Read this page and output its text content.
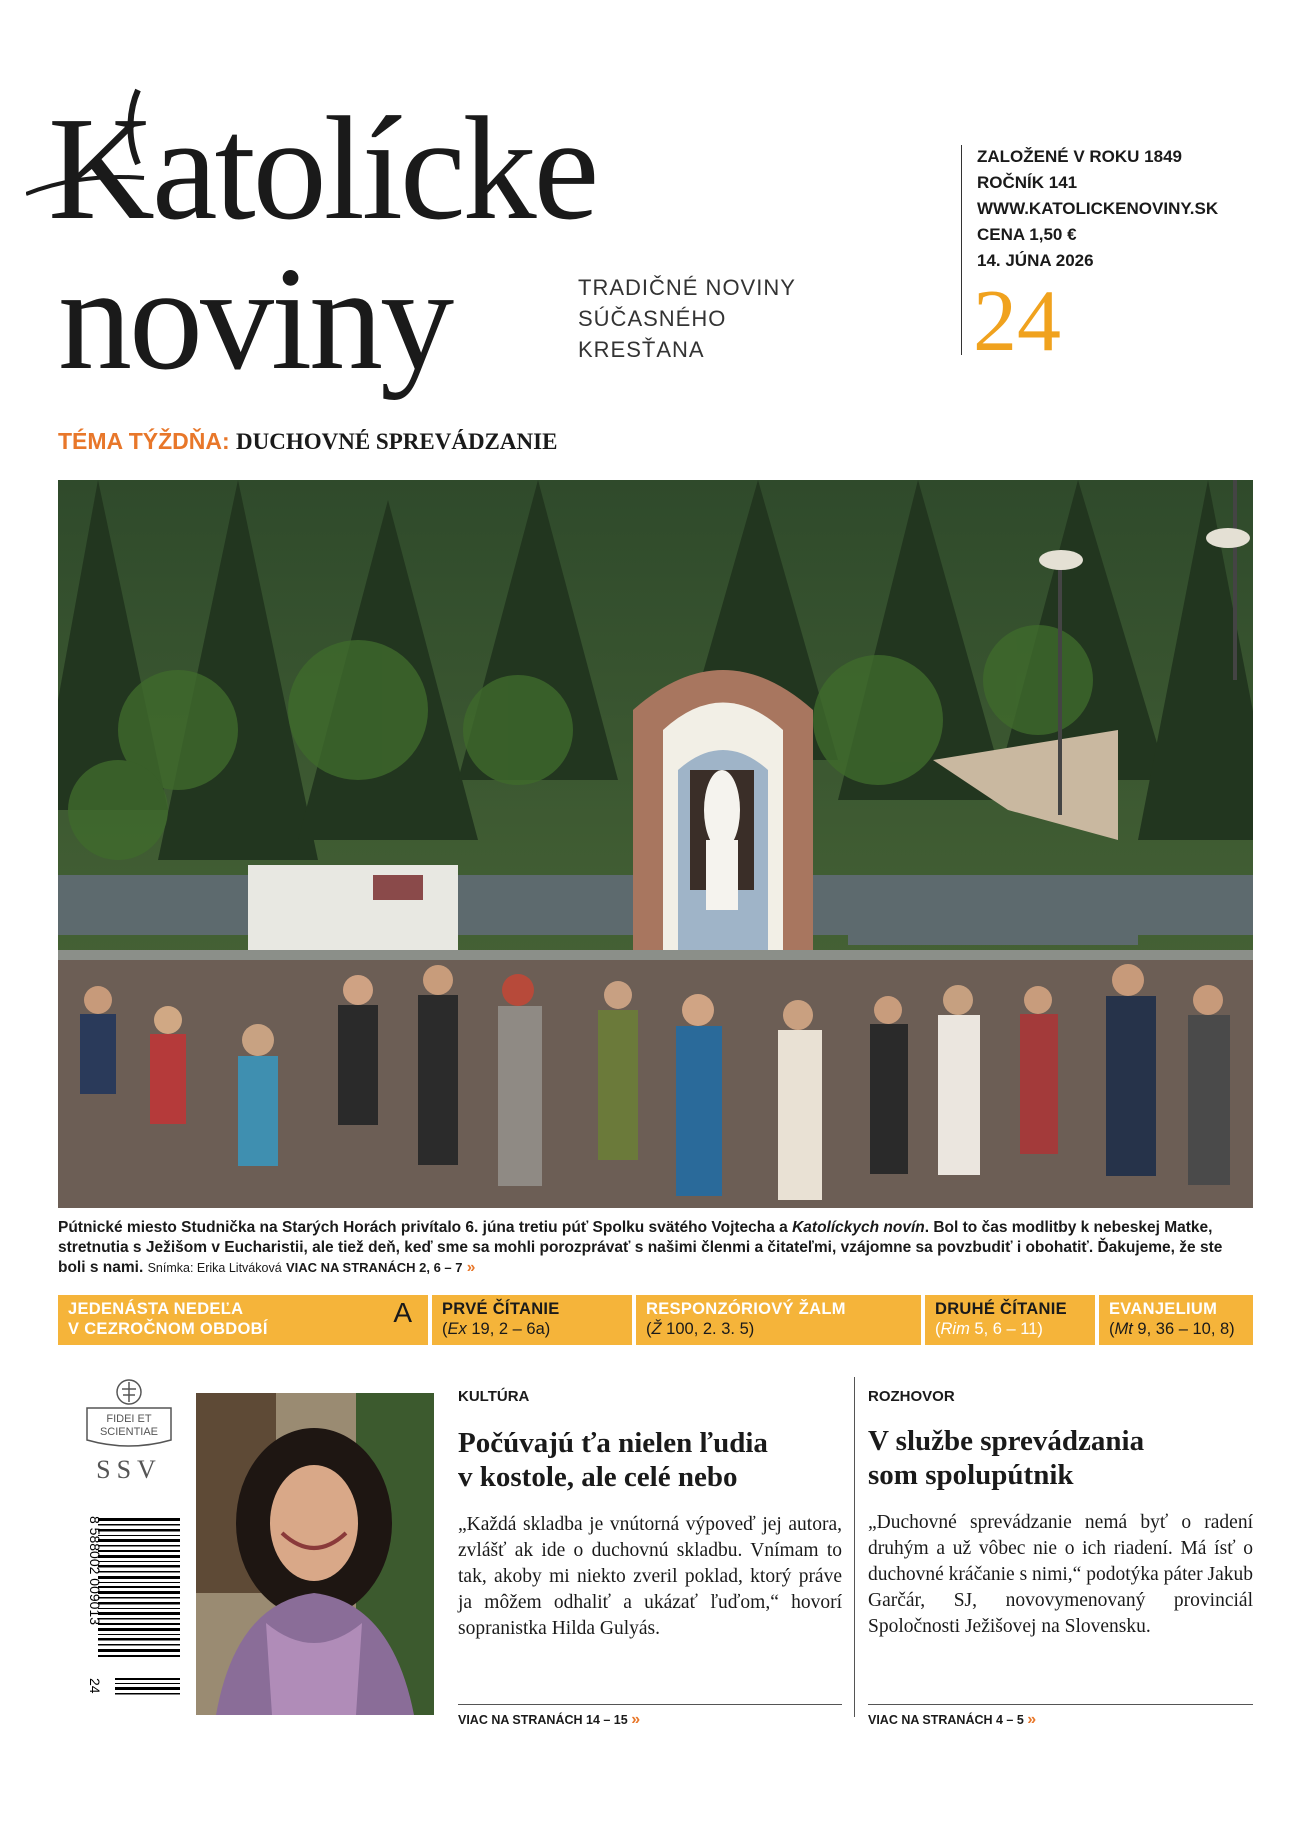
Katolícke
noviny	TRADIČNÉ NOVINY
SÚČASNÉHO
KRESŤANA
ZALOŽENÉ V ROKU 1849
ROČNÍK 141
WWW.KATOLICKENOVINY.SK
CENA 1,50 €
14. JÚNA 2026
24
TÉMA TÝŽDŇA: DUCHOVNÉ SPREVÁDZANIE
Pútnické miesto Studnička na Starých Horách privítalo 6. júna tretiu púť Spolku svätého Vojtecha a Katolíckych novín. Bol to čas modlitby k nebeskej Matke, stretnutia s Ježišom v Eucharistii, ale tiež deň, keď sme sa mohli porozprávať s našimi členmi a čitateľmi, vzájomne sa povzbudiť i obohatiť. Ďakujeme, že ste boli s nami. Snímka: Erika Litváková VIAC NA STRANÁCH 2, 6 – 7 »
JEDENÁSTA NEDEĽA
V CEZROČNOM OBDOBÍ
A PRVÉ ČÍTANIE
(Ex 19, 2 – 6a)
RESPONZÓRIOVÝ ŽALM
(Ž 100, 2. 3. 5)
DRUHÉ ČÍTANIE
(Rim 5, 6 – 11)
EVANJELIUM
(Mt 9, 36 – 10, 8)
FIDEI ET
SCIENTIAE
SSV
8 588002 009013
24
KULTÚRA
Počúvajú ťa nielen ľudia
v kostole, ale celé nebo
„Každá skladba je vnútorná výpoveď jej autora, zvlášť ak ide o duchovnú skladbu. Vnímam to tak, akoby mi niekto zveril poklad, ktorý práve ja môžem odhaliť a ukázať ľuďom,“ hovorí sopranistka Hilda Gulyás.
VIAC NA STRANÁCH 14 – 15 »
ROZHOVOR
V službe sprevádzania
som spolupútnik
„Duchovné sprevádzanie nemá byť o radení druhým a už vôbec nie o ich riadení. Má ísť o duchovné kráčanie s nimi,“ podotýka páter Jakub Garčár, SJ, novovymenovaný provinciál Spoločnosti Ježišovej na Slovensku.
VIAC NA STRANÁCH 4 – 5 »
